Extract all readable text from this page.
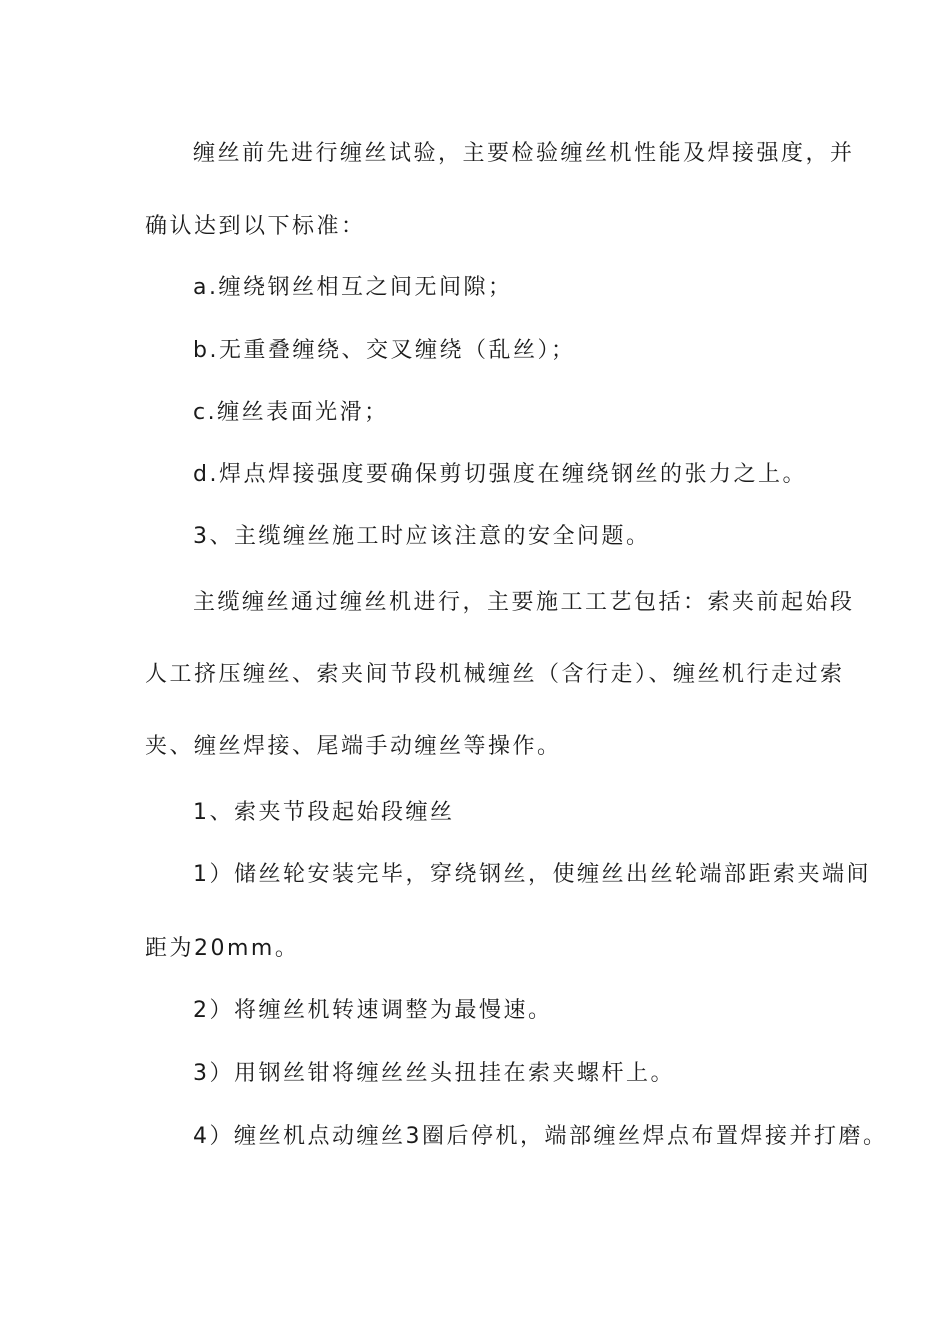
缠丝前先进行缠丝试验，主要检验缠丝机性能及焊接强度，并
确认达到以下标准：
a.缠绕钢丝相互之间无间隙；
b.无重叠缠绕、交叉缠绕（乱丝）；
c.缠丝表面光滑；
d.焊点焊接强度要确保剪切强度在缠绕钢丝的张力之上。
3、主缆缠丝施工时应该注意的安全问题。
主缆缠丝通过缠丝机进行，主要施工工艺包括：索夹前起始段
人工挤压缠丝、索夹间节段机械缠丝（含行走）、缠丝机行走过索
夹、缠丝焊接、尾端手动缠丝等操作。
1、索夹节段起始段缠丝
1）储丝轮安装完毕，穿绕钢丝，使缠丝出丝轮端部距索夹端间
距为20mm。
2）将缠丝机转速调整为最慢速。
3）用钢丝钳将缠丝丝头扭挂在索夹螺杆上。
4）缠丝机点动缠丝3圈后停机，端部缠丝焊点布置焊接并打磨。
